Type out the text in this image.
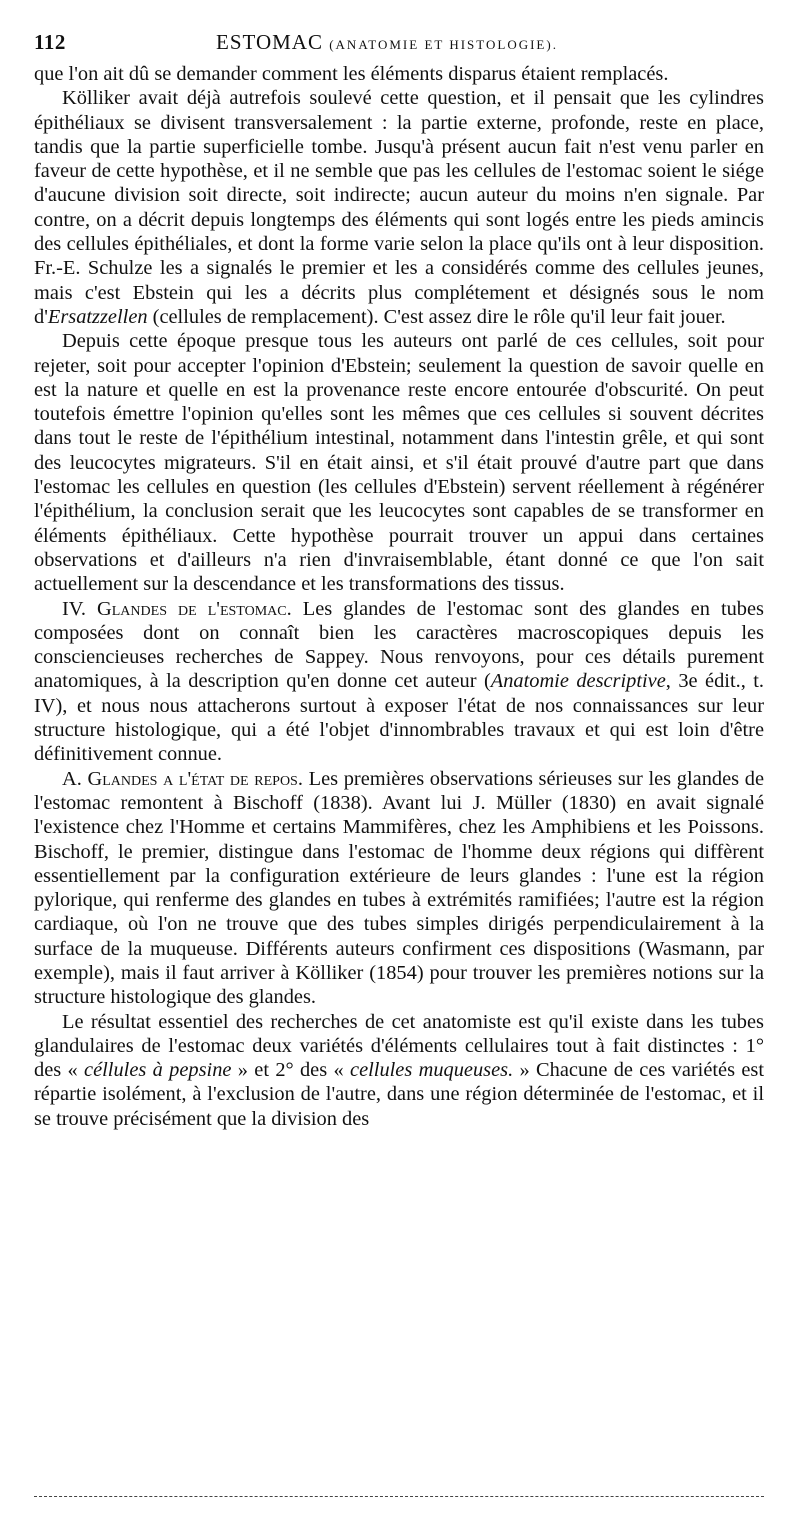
112	ESTOMAC (ANATOMIE ET HISTOLOGIE).

que l'on ait dû se demander comment les éléments disparus étaient remplacés.

Kölliker avait déjà autrefois soulevé cette question, et il pensait que les cylindres épithéliaux se divisent transversalement : la partie externe, profonde, reste en place, tandis que la partie superficielle tombe. Jusqu'à présent aucun fait n'est venu parler en faveur de cette hypothèse, et il ne semble que pas les cellules de l'estomac soient le siége d'aucune division soit directe, soit indirecte; aucun auteur du moins n'en signale. Par contre, on a décrit depuis longtemps des éléments qui sont logés entre les pieds amincis des cellules épithéliales, et dont la forme varie selon la place qu'ils ont à leur disposition. Fr.-E. Schulze les a signalés le premier et les a considérés comme des cellules jeunes, mais c'est Ebstein qui les a décrits plus complétement et désignés sous le nom d'Ersatzzellen (cellules de remplacement). C'est assez dire le rôle qu'il leur fait jouer.

Depuis cette époque presque tous les auteurs ont parlé de ces cellules, soit pour rejeter, soit pour accepter l'opinion d'Ebstein; seulement la question de savoir quelle en est la nature et quelle en est la provenance reste encore entourée d'obscurité. On peut toutefois émettre l'opinion qu'elles sont les mêmes que ces cellules si souvent décrites dans tout le reste de l'épithélium intestinal, notamment dans l'intestin grêle, et qui sont des leucocytes migrateurs. S'il en était ainsi, et s'il était prouvé d'autre part que dans l'estomac les cellules en question (les cellules d'Ebstein) servent réellement à régénérer l'épithélium, la conclusion serait que les leucocytes sont capables de se transformer en éléments épithéliaux. Cette hypothèse pourrait trouver un appui dans certaines observations et d'ailleurs n'a rien d'invraisemblable, étant donné ce que l'on sait actuellement sur la descendance et les transformations des tissus.

IV. Glandes de l'estomac. Les glandes de l'estomac sont des glandes en tubes composées dont on connaît bien les caractères macroscopiques depuis les consciencieuses recherches de Sappey. Nous renvoyons, pour ces détails purement anatomiques, à la description qu'en donne cet auteur (Anatomie descriptive, 3e édit., t. IV), et nous nous attacherons surtout à exposer l'état de nos connaissances sur leur structure histologique, qui a été l'objet d'innombrables travaux et qui est loin d'être définitivement connue.

A. Glandes a l'état de repos. Les premières observations sérieuses sur les glandes de l'estomac remontent à Bischoff (1838). Avant lui J. Müller (1830) en avait signalé l'existence chez l'Homme et certains Mammifères, chez les Amphibiens et les Poissons. Bischoff, le premier, distingue dans l'estomac de l'homme deux régions qui diffèrent essentiellement par la configuration extérieure de leurs glandes : l'une est la région pylorique, qui renferme des glandes en tubes à extrémités ramifiées; l'autre est la région cardiaque, où l'on ne trouve que des tubes simples dirigés perpendiculairement à la surface de la muqueuse. Différents auteurs confirment ces dispositions (Wasmann, par exemple), mais il faut arriver à Kölliker (1854) pour trouver les premières notions sur la structure histologique des glandes.

Le résultat essentiel des recherches de cet anatomiste est qu'il existe dans les tubes glandulaires de l'estomac deux variétés d'éléments cellulaires tout à fait distinctes : 1° des « céllules à pepsine » et 2° des « cellules muqueuses. » Chacune de ces variétés est répartie isolément, à l'exclusion de l'autre, dans une région déterminée de l'estomac, et il se trouve précisément que la division des
